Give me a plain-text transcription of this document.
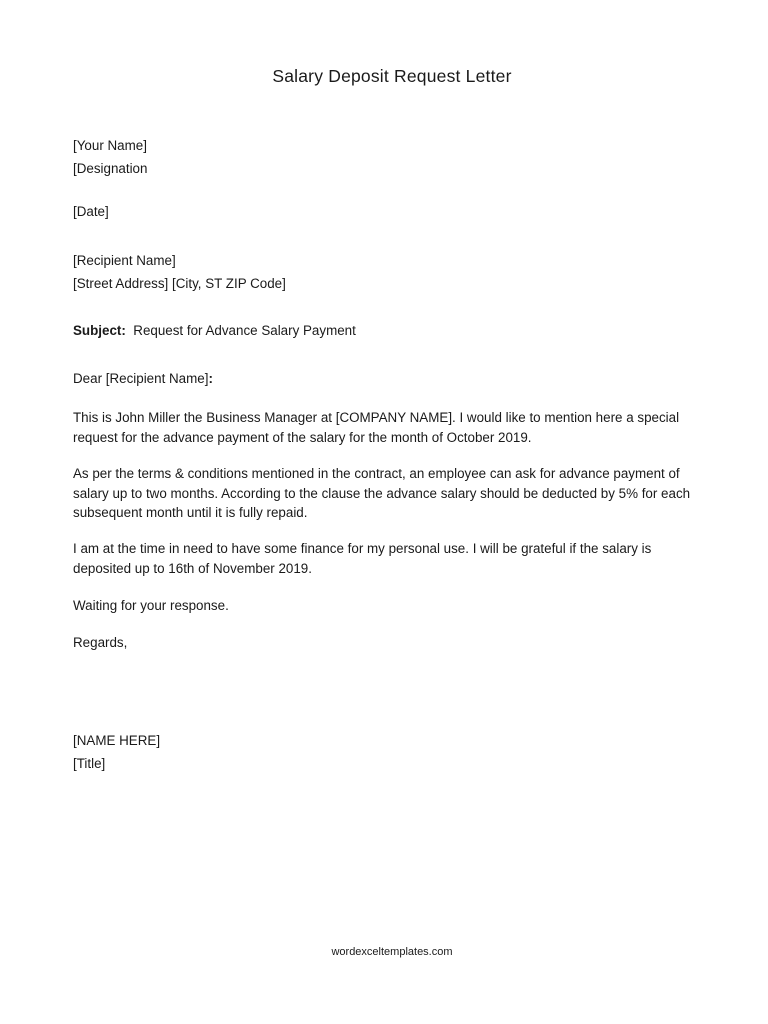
Salary Deposit Request Letter
[Your Name]
[Designation
[Date]
[Recipient Name]
[Street Address] [City, ST ZIP Code]
Subject: Request for Advance Salary Payment
Dear [Recipient Name]:
This is John Miller the Business Manager at [COMPANY NAME]. I would like to mention here a special request for the advance payment of the salary for the month of October 2019.
As per the terms & conditions mentioned in the contract, an employee can ask for advance payment of salary up to two months. According to the clause the advance salary should be deducted by 5% for each subsequent month until it is fully repaid.
I am at the time in need to have some finance for my personal use. I will be grateful if the salary is deposited up to 16th of November 2019.
Waiting for your response.
Regards,
[NAME HERE]
[Title]
wordexceltemplates.com
